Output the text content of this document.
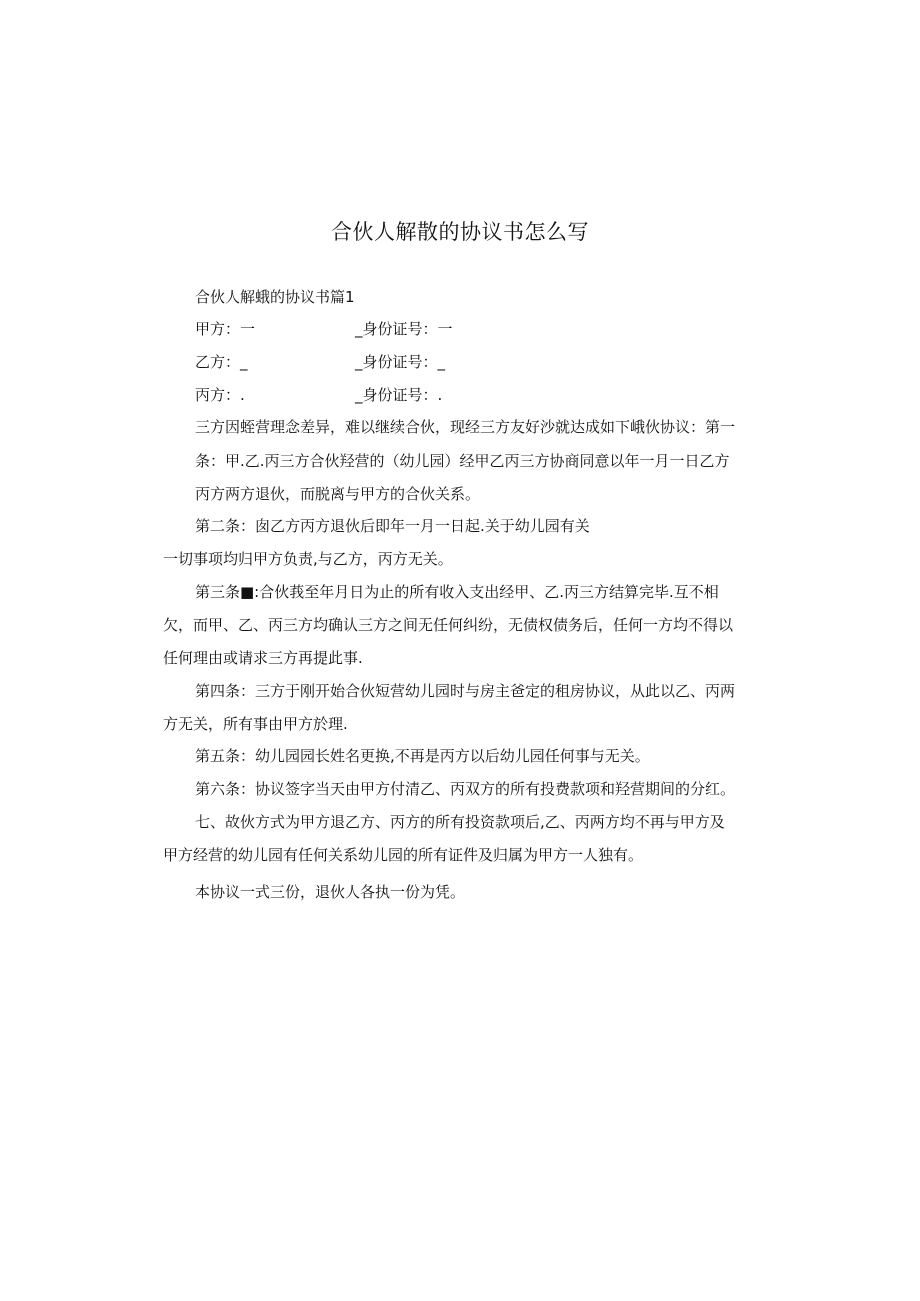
合伙人解散的协议书怎么写
合伙人解蛾的协议书篇1
甲方：一	_身份证号：一
乙方：_	_身份证号：_
丙方：.	_身份证号：.
三方因蛭营理念差异，难以继续合伙，现经三方友好沙就达成如下峨伙协议：第一
条：甲.乙.丙三方合伙羟营的（幼儿园）经甲乙丙三方协商同意以年一月一日乙方
丙方两方退伙，而脱离与甲方的合伙关系。
第二条：囱乙方丙方退伙后即年一月一日起.关于幼儿园有关
一切事项均归甲方负责,与乙方，丙方无关。
第三条■:合伙莪至年月日为止的所有收入支出经甲、乙.丙三方结算完毕.互不相
欠，而甲、乙、丙三方均确认三方之间无任何纠纷，无债权债务后，任何一方均不得以
任何理由或请求三方再提此事.
第四条：三方于刚开始合伙短营幼儿园时与房主爸定的租房协议，从此以乙、丙两
方无关，所有事由甲方於理.
第五条：幼儿园园长姓名更换,不再是丙方以后幼儿园任何事与无关。
第六条：协议签字当天由甲方付清乙、丙双方的所有投费款项和羟营期间的分红。
七、故伙方式为甲方退乙方、丙方的所有投资款项后,乙、丙两方均不再与甲方及
甲方经营的幼儿园有任何关系幼儿园的所有证件及归属为甲方一人独有。
本协议一式三份，退伙人各执一份为凭。
